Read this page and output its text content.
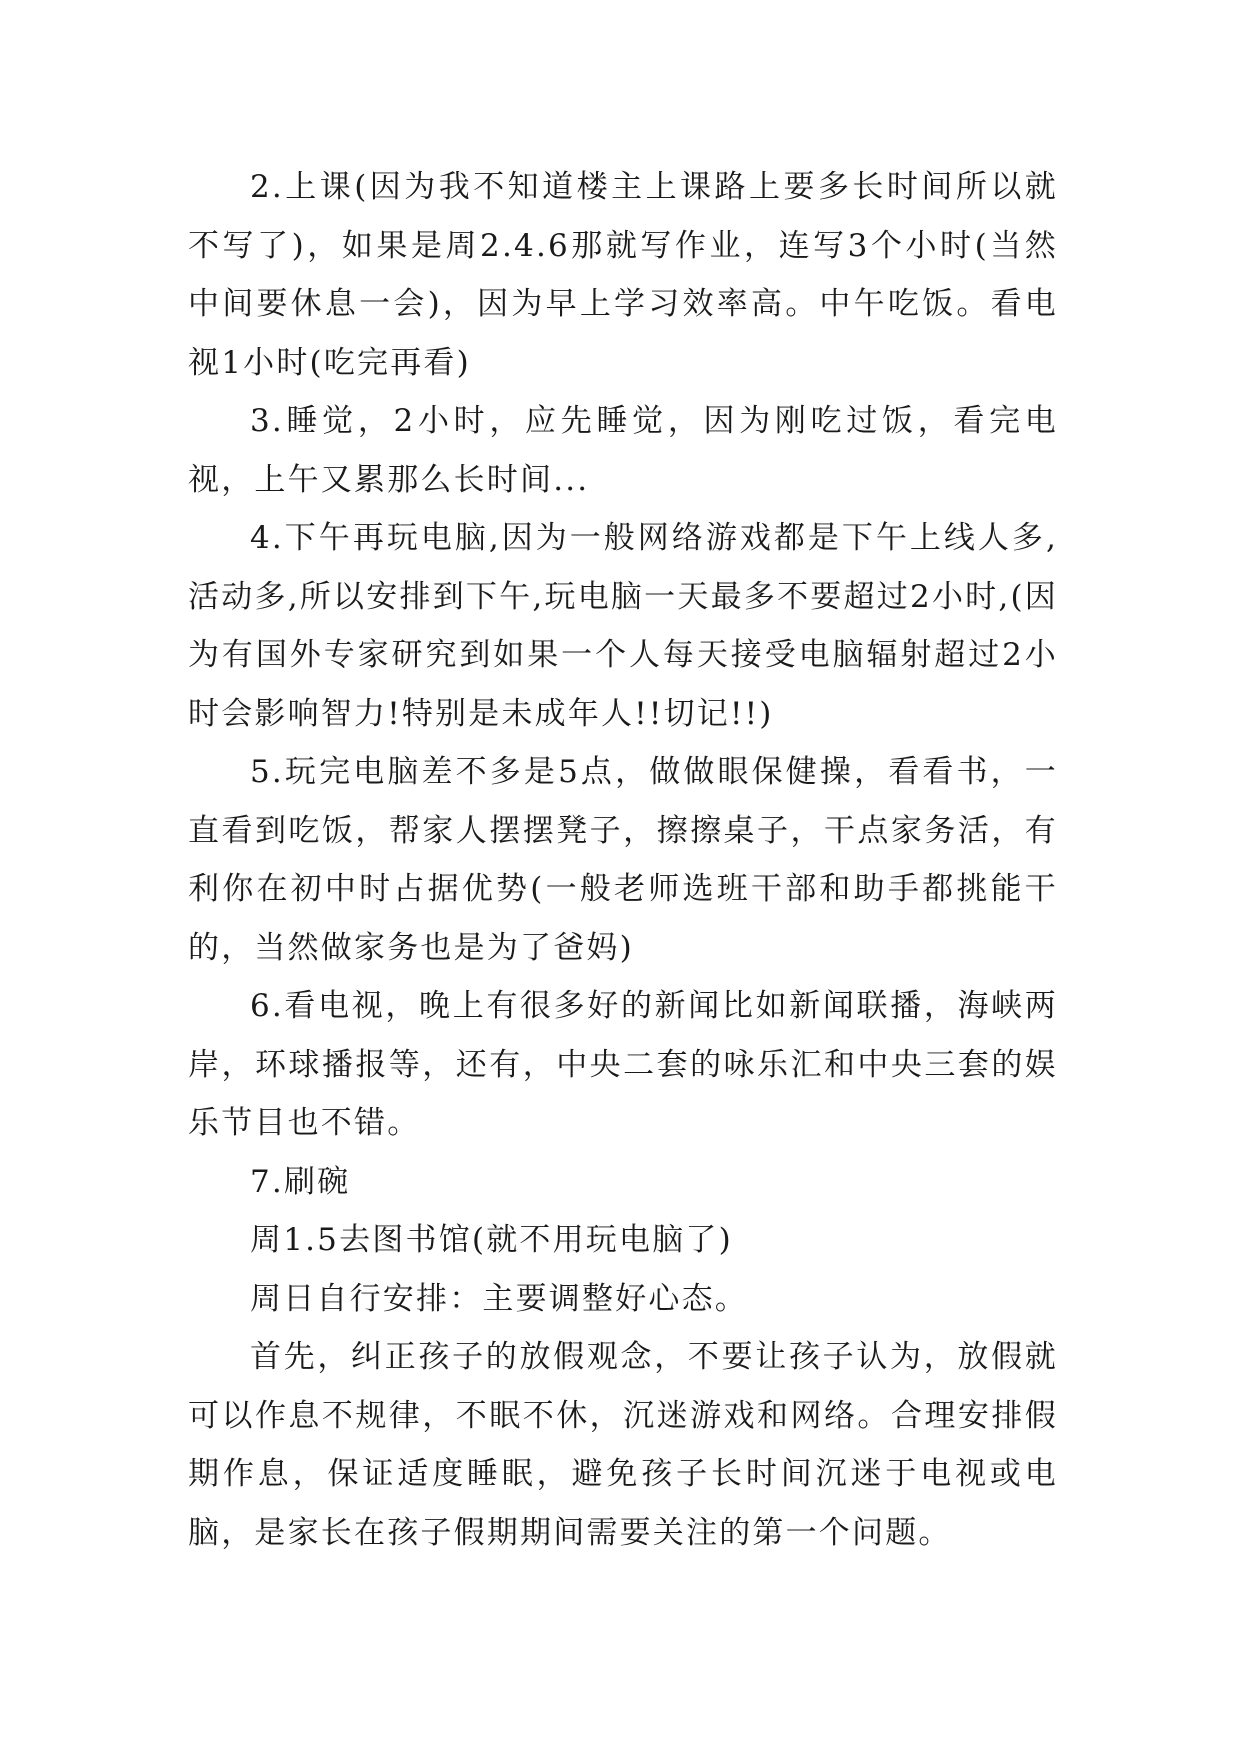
2.上课(因为我不知道楼主上课路上要多长时间所以就不写了)，如果是周2.4.6那就写作业，连写3个小时(当然中间要休息一会)，因为早上学习效率高。中午吃饭。看电视1小时(吃完再看)

3.睡觉，2小时，应先睡觉，因为刚吃过饭，看完电视，上午又累那么长时间...

4.下午再玩电脑,因为一般网络游戏都是下午上线人多,活动多,所以安排到下午,玩电脑一天最多不要超过2小时,(因为有国外专家研究到如果一个人每天接受电脑辐射超过2小时会影响智力!特别是未成年人!!切记!!)

5.玩完电脑差不多是5点，做做眼保健操，看看书，一直看到吃饭，帮家人摆摆凳子，擦擦桌子，干点家务活，有利你在初中时占据优势(一般老师选班干部和助手都挑能干的，当然做家务也是为了爸妈)

6.看电视，晚上有很多好的新闻比如新闻联播，海峡两岸，环球播报等，还有，中央二套的咏乐汇和中央三套的娱乐节目也不错。

7.刷碗

周1.5去图书馆(就不用玩电脑了)

周日自行安排：主要调整好心态。

首先，纠正孩子的放假观念，不要让孩子认为，放假就可以作息不规律，不眠不休，沉迷游戏和网络。合理安排假期作息，保证适度睡眠，避免孩子长时间沉迷于电视或电脑，是家长在孩子假期期间需要关注的第一个问题。
